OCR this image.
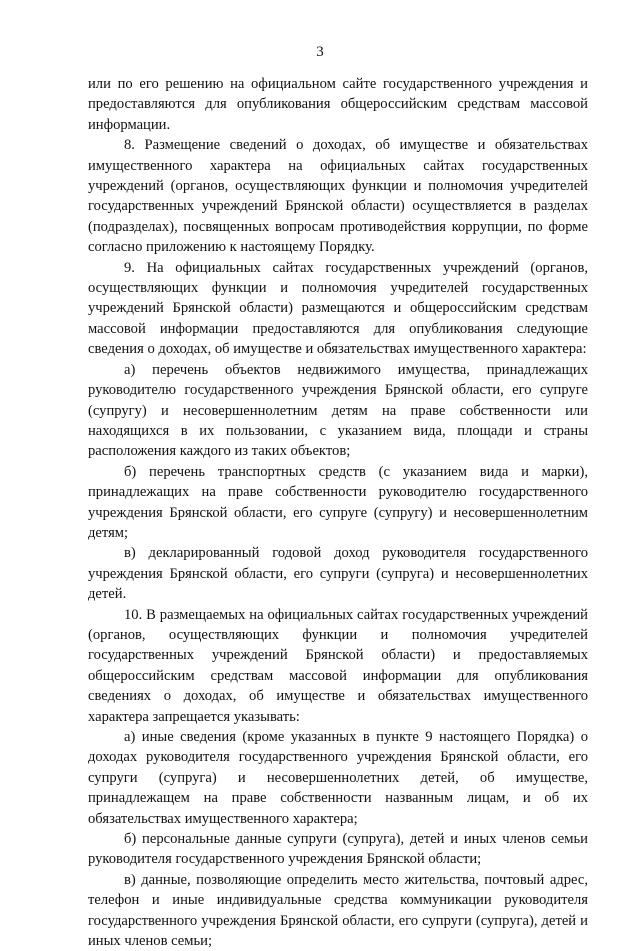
3

или по его решению на официальном сайте государственного учреждения и предоставляются для опубликования общероссийским средствам массовой информации.

8. Размещение сведений о доходах, об имуществе и обязательствах имущественного характера на официальных сайтах государственных учреждений (органов, осуществляющих функции и полномочия учредителей государственных учреждений Брянской области) осуществляется в разделах (подразделах), посвященных вопросам противодействия коррупции, по форме согласно приложению к настоящему Порядку.

9. На официальных сайтах государственных учреждений (органов, осуществляющих функции и полномочия учредителей государственных учреждений Брянской области) размещаются и общероссийским средствам массовой информации предоставляются для опубликования следующие сведения о доходах, об имуществе и обязательствах имущественного характера:

а) перечень объектов недвижимого имущества, принадлежащих руководителю государственного учреждения Брянской области, его супруге (супругу) и несовершеннолетним детям на праве собственности или находящихся в их пользовании, с указанием вида, площади и страны расположения каждого из таких объектов;

б) перечень транспортных средств (с указанием вида и марки), принадлежащих на праве собственности руководителю государственного учреждения Брянской области, его супруге (супругу) и несовершеннолетним детям;

в) декларированный годовой доход руководителя государственного учреждения Брянской области, его супруги (супруга) и несовершеннолетних детей.

10. В размещаемых на официальных сайтах государственных учреждений (органов, осуществляющих функции и полномочия учредителей государственных учреждений Брянской области) и предоставляемых общероссийским средствам массовой информации для опубликования сведениях о доходах, об имуществе и обязательствах имущественного характера запрещается указывать:

а) иные сведения (кроме указанных в пункте 9 настоящего Порядка) о доходах руководителя государственного учреждения Брянской области, его супруги (супруга) и несовершеннолетних детей, об имуществе, принадлежащем на праве собственности названным лицам, и об их обязательствах имущественного характера;

б) персональные данные супруги (супруга), детей и иных членов семьи руководителя государственного учреждения Брянской области;

в) данные, позволяющие определить место жительства, почтовый адрес, телефон и иные индивидуальные средства коммуникации руководителя государственного учреждения Брянской области, его супруги (супруга), детей и иных членов семьи;
